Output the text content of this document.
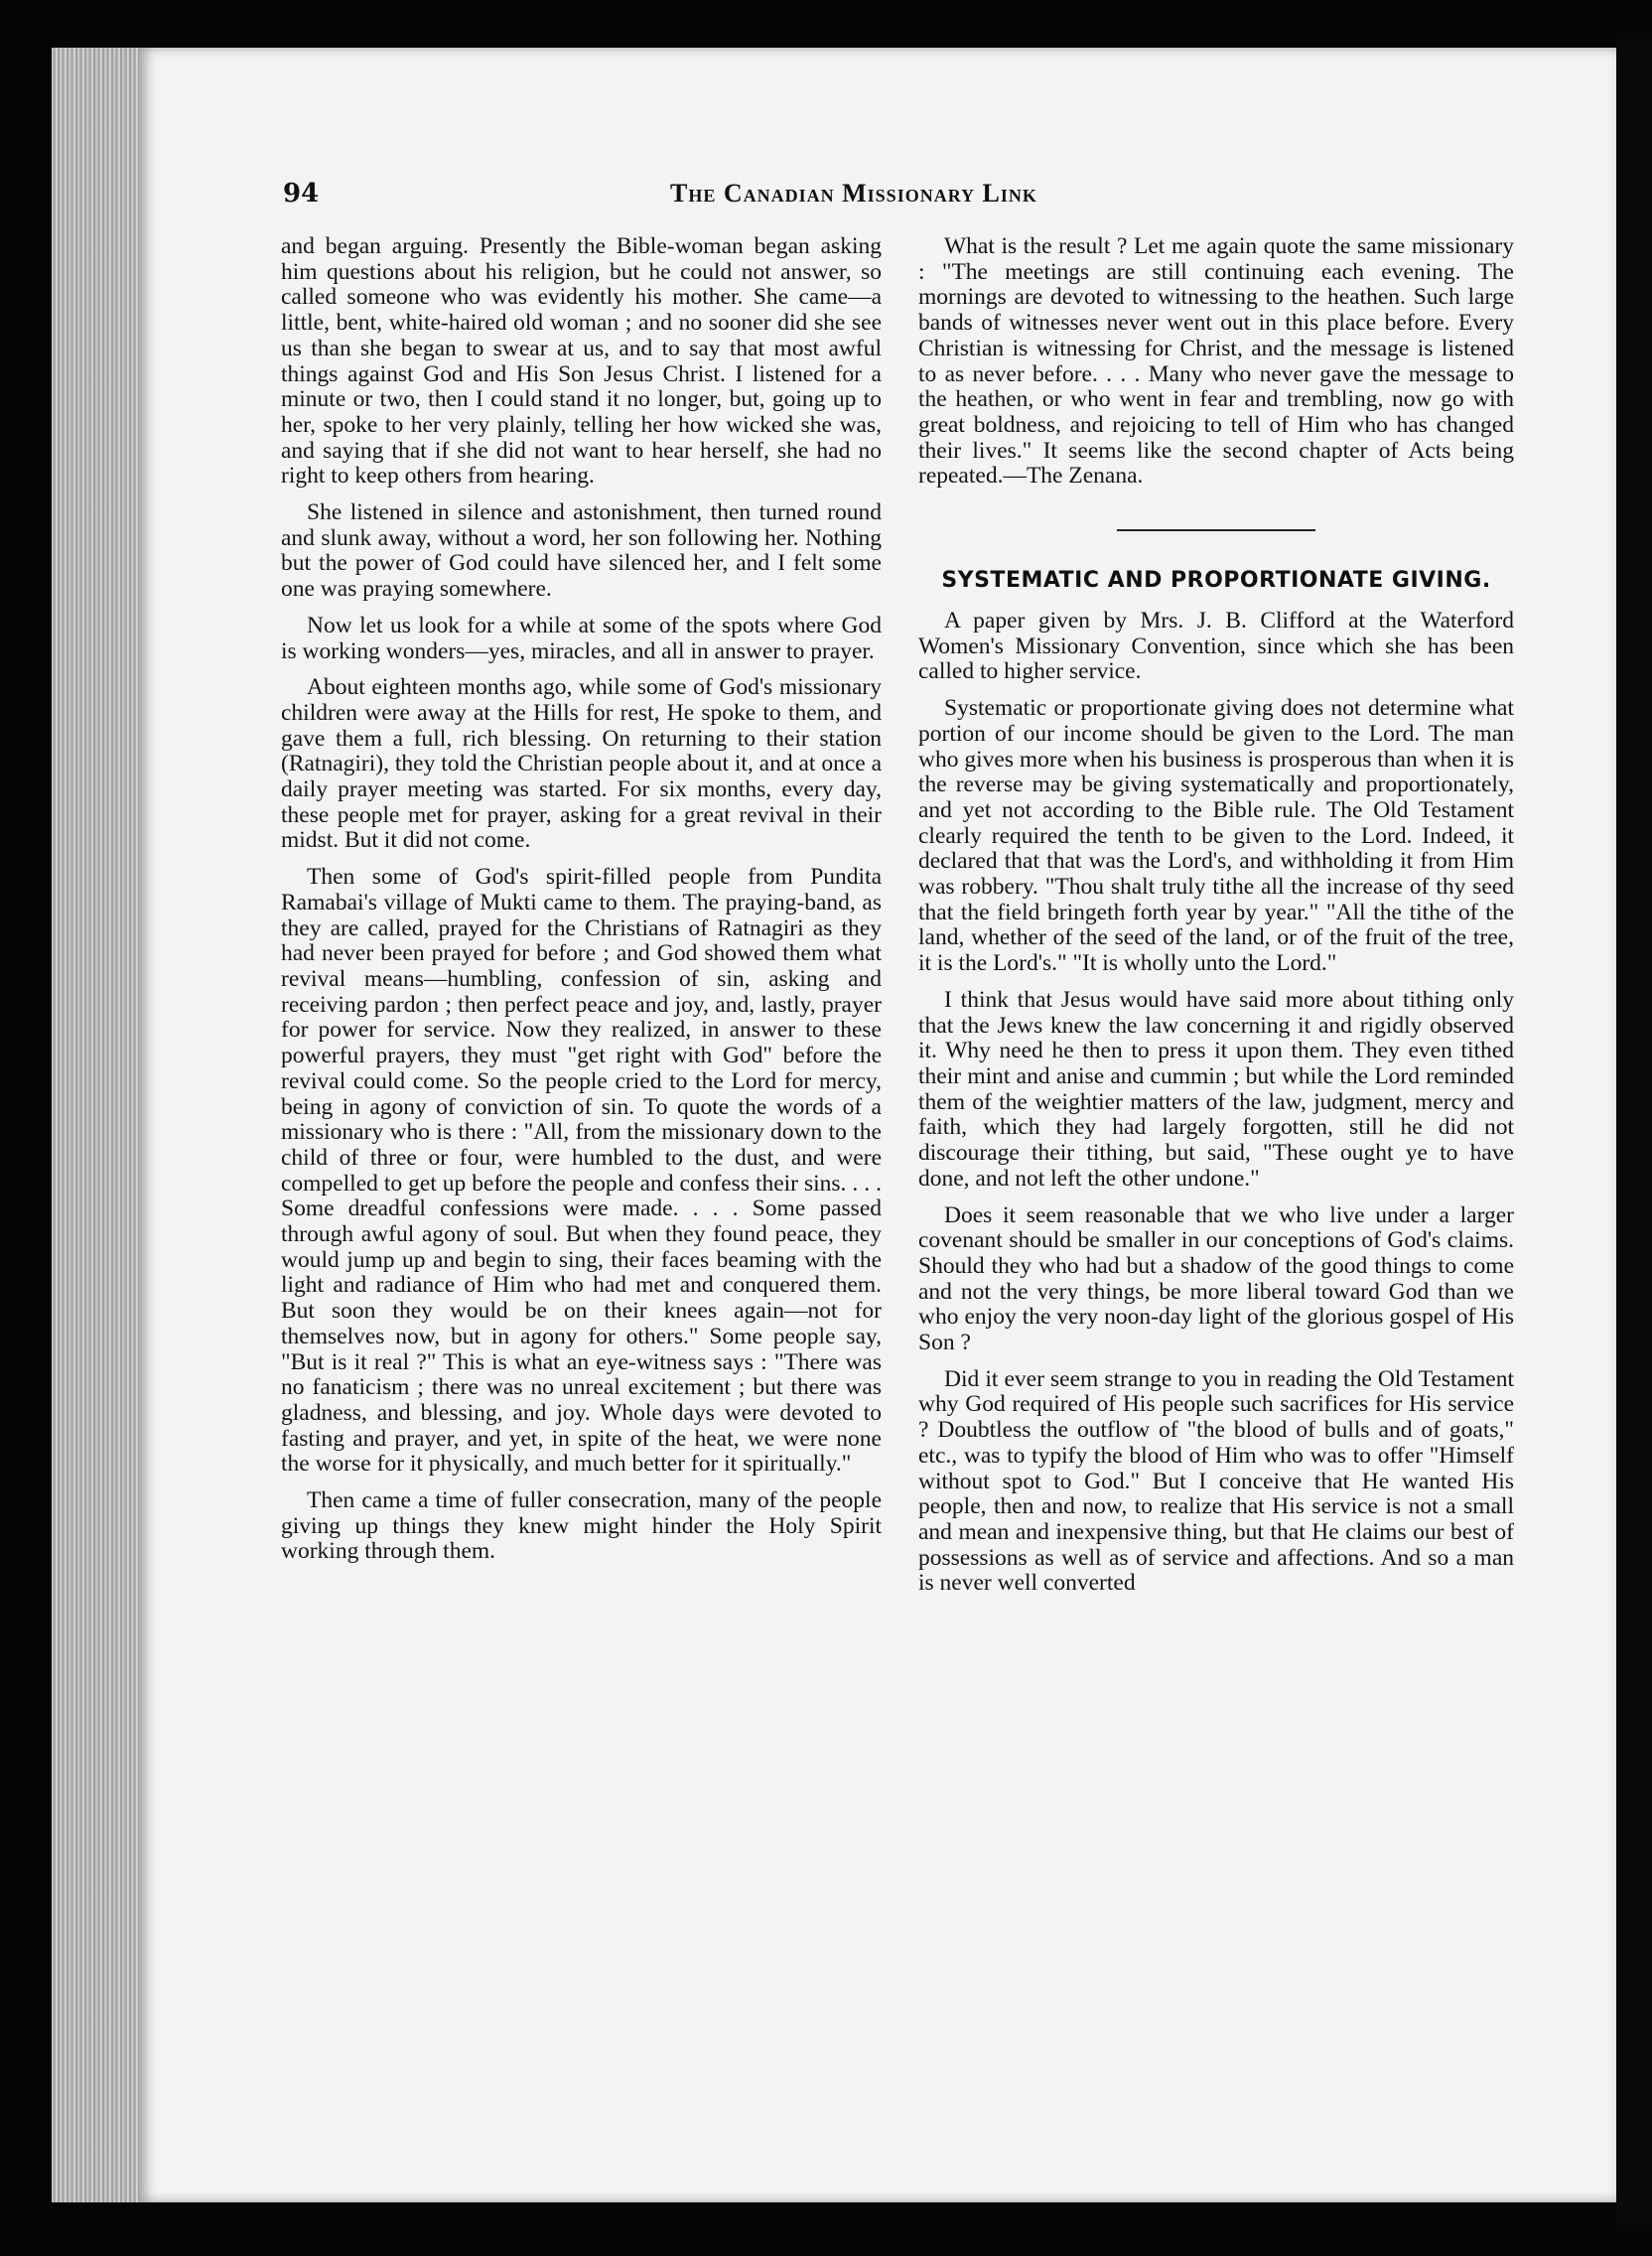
94	The Canadian Missionary Link

and began arguing. Presently the Bible-woman began asking him questions about his religion, but he could not answer, so called someone who was evidently his mother. She came—a little, bent, white-haired old woman ; and no sooner did she see us than she began to swear at us, and to say that most awful things against God and His Son Jesus Christ. I listened for a minute or two, then I could stand it no longer, but, going up to her, spoke to her very plainly, telling her how wicked she was, and saying that if she did not want to hear herself, she had no right to keep others from hearing.

She listened in silence and astonishment, then turned round and slunk away, without a word, her son following her. Nothing but the power of God could have silenced her, and I felt some one was praying somewhere.

Now let us look for a while at some of the spots where God is working wonders—yes, miracles, and all in answer to prayer.

About eighteen months ago, while some of God's missionary children were away at the Hills for rest, He spoke to them, and gave them a full, rich blessing. On returning to their station (Ratnagiri), they told the Christian people about it, and at once a daily prayer meeting was started. For six months, every day, these people met for prayer, asking for a great revival in their midst. But it did not come.

Then some of God's spirit-filled people from Pundita Ramabai's village of Mukti came to them. The praying-band, as they are called, prayed for the Christians of Ratnagiri as they had never been prayed for before ; and God showed them what revival means—humbling, confession of sin, asking and receiving pardon ; then perfect peace and joy, and, lastly, prayer for power for service. Now they realized, in answer to these powerful prayers, they must "get right with God" before the revival could come. So the people cried to the Lord for mercy, being in agony of conviction of sin. To quote the words of a missionary who is there : "All, from the missionary down to the child of three or four, were humbled to the dust, and were compelled to get up before the people and confess their sins. . . . Some dreadful confessions were made. . . . Some passed through awful agony of soul. But when they found peace, they would jump up and begin to sing, their faces beaming with the light and radiance of Him who had met and conquered them. But soon they would be on their knees again—not for themselves now, but in agony for others." Some people say, "But is it real ?" This is what an eye-witness says : "There was no fanaticism ; there was no unreal excitement ; but there was gladness, and blessing, and joy. Whole days were devoted to fasting and prayer, and yet, in spite of the heat, we were none the worse for it physically, and much better for it spiritually."

Then came a time of fuller consecration, many of the people giving up things they knew might hinder the Holy Spirit working through them.

What is the result ? Let me again quote the same missionary : "The meetings are still continuing each evening. The mornings are devoted to witnessing to the heathen. Such large bands of witnesses never went out in this place before. Every Christian is witnessing for Christ, and the message is listened to as never before. . . . Many who never gave the message to the heathen, or who went in fear and trembling, now go with great boldness, and rejoicing to tell of Him who has changed their lives." It seems like the second chapter of Acts being repeated.—The Zenana.

SYSTEMATIC AND PROPORTIONATE GIVING.

A paper given by Mrs. J. B. Clifford at the Waterford Women's Missionary Convention, since which she has been called to higher service.

Systematic or proportionate giving does not determine what portion of our income should be given to the Lord. The man who gives more when his business is prosperous than when it is the reverse may be giving systematically and proportionately, and yet not according to the Bible rule. The Old Testament clearly required the tenth to be given to the Lord. Indeed, it declared that that was the Lord's, and withholding it from Him was robbery. "Thou shalt truly tithe all the increase of thy seed that the field bringeth forth year by year." "All the tithe of the land, whether of the seed of the land, or of the fruit of the tree, it is the Lord's." "It is wholly unto the Lord."

I think that Jesus would have said more about tithing only that the Jews knew the law concerning it and rigidly observed it. Why need he then to press it upon them. They even tithed their mint and anise and cummin ; but while the Lord reminded them of the weightier matters of the law, judgment, mercy and faith, which they had largely forgotten, still he did not discourage their tithing, but said, "These ought ye to have done, and not left the other undone."

Does it seem reasonable that we who live under a larger covenant should be smaller in our conceptions of God's claims. Should they who had but a shadow of the good things to come and not the very things, be more liberal toward God than we who enjoy the very noon-day light of the glorious gospel of His Son ?

Did it ever seem strange to you in reading the Old Testament why God required of His people such sacrifices for His service ? Doubtless the outflow of "the blood of bulls and of goats," etc., was to typify the blood of Him who was to offer "Himself without spot to God." But I conceive that He wanted His people, then and now, to realize that His service is not a small and mean and inexpensive thing, but that He claims our best of possessions as well as of service and affections. And so a man is never well converted
